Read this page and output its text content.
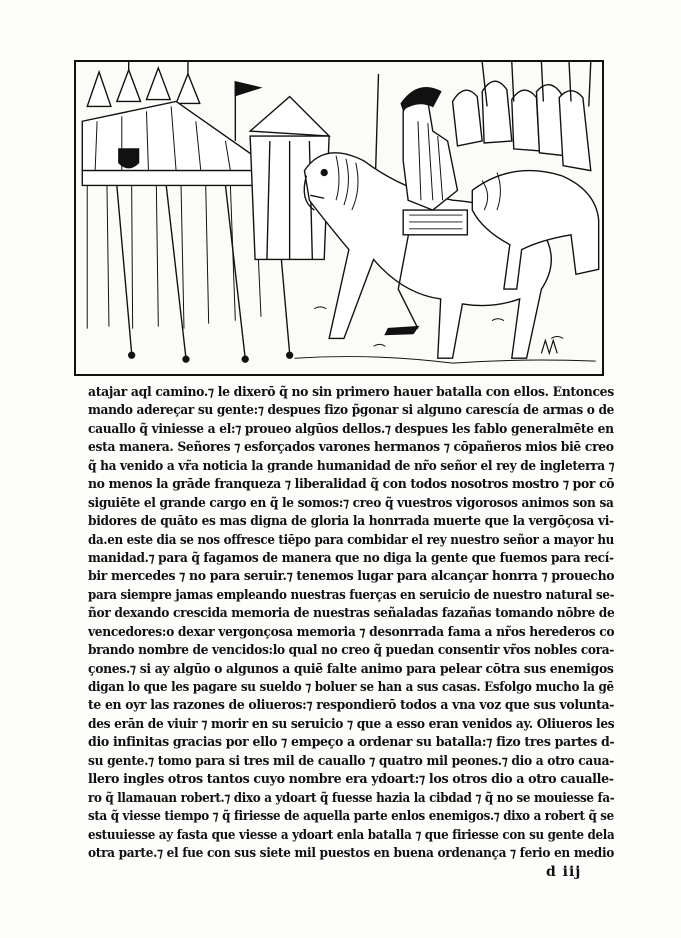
atajar aql camino.⁊ le dixerō q̃ no sin primero hauer batalla con ellos. Entonces
mando adereçar su gente:⁊ despues fizo p̃gonar si alguno carescía de armas o de
cauallo q̃ viniesse a el:⁊ proueo algūos dellos.⁊ despues les fablo generalmēte en
esta manera. Señores ⁊ esforçados varones hermanos ⁊ cōpañeros mios biē creo
q̃ ha venido a vr̃a noticia la grande humanidad de nr̃o señor el rey de ingleterra ⁊
no menos la grāde franqueza ⁊ liberalidad q̃ con todos nosotros mostro ⁊ por cō
siguiēte el grande cargo en q̃ le somos:⁊ creo q̃ vuestros vigorosos animos son sa
bidores de quāto es mas digna de gloria la honrrada muerte que la vergōçosa vi-
da.en este dia se nos offresce tiēpo para combidar el rey nuestro señor a mayor hu
manidad.⁊ para q̃ fagamos de manera que no diga la gente que fuemos para recí-
bir mercedes ⁊ no para seruir.⁊ tenemos lugar para alcançar honrra ⁊ prouecho
para siempre jamas empleando nuestras fuerças en seruicio de nuestro natural se-
ñor dexando crescida memoria de nuestras señaladas fazañas tomando nōbre de
vencedores:o dexar vergonçosa memoria ⁊ desonrrada fama a nr̃os herederos co
brando nombre de vencidos:lo qual no creo q̃ puedan consentir vr̃os nobles cora-
çones.⁊ si ay algūo o algunos a quiē falte animo para pelear cōtra sus enemigos
digan lo que les pagare su sueldo ⁊ boluer se han a sus casas. Esfolgo mucho la gē
te en oyr las razones de oliueros:⁊ respondierō todos a vna voz que sus volunta-
des erān de viuir ⁊ morir en su seruicio ⁊ que a esso eran venidos ay. Oliueros les
dio infinitas gracias por ello ⁊ empeço a ordenar su batalla:⁊ fizo tres partes d-
su gente.⁊ tomo para si tres mil de cauallo ⁊ quatro mil peones.⁊ dio a otro caua-
llero ingles otros tantos cuyo nombre era ydoart:⁊ los otros dio a otro caualle-
ro q̃ llamauan robert.⁊ dixo a ydoart q̃ fuesse hazia la cibdad ⁊ q̃ no se mouiesse fa-
sta q̃ viesse tiempo ⁊ q̃ firiesse de aquella parte enlos enemigos.⁊ dixo a robert q̃ se
estuuiesse ay fasta que viesse a ydoart enla batalla ⁊ que firiesse con su gente dela
otra parte.⁊ el fue con sus siete mil puestos en buena ordenança ⁊ ferio en medio
d iij
